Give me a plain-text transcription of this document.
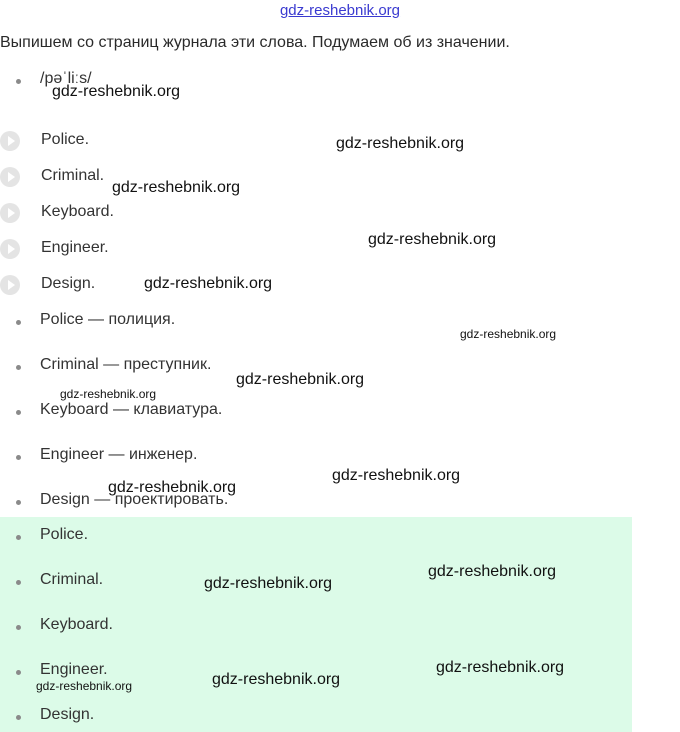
gdz-reshebnik.org
Выпишем со страниц журнала эти слова. Подумаем об из значении.
/pəˈliːs/
Police.
Criminal.
Keyboard.
Engineer.
Design.
Police — полиция.
Criminal — преступник.
Keyboard — клавиатура.
Engineer — инженер.
Design — проектировать.
Police.
Criminal.
Keyboard.
Engineer.
Design.
gdz-reshebnik.org
gdz-reshebnik.org
gdz-reshebnik.org
gdz-reshebnik.org
gdz-reshebnik.org
gdz-reshebnik.org
gdz-reshebnik.org
gdz-reshebnik.org
gdz-reshebnik.org
gdz-reshebnik.org
gdz-reshebnik.org
gdz-reshebnik.org
gdz-reshebnik.org
gdz-reshebnik.org
gdz-reshebnik.org
